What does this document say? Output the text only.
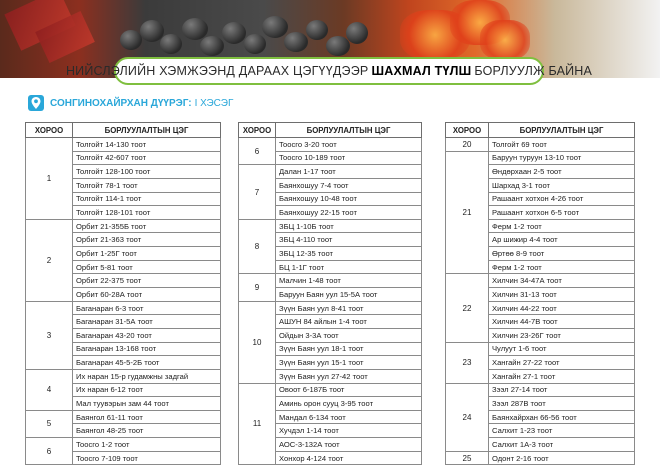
НИЙСЛЭЛИЙН ХЭМЖЭЭНД ДАРААХ ЦЭГҮҮДЭЭР ШАХМАЛ ТҮЛШ БОРЛУУЛЖ БАЙНА
СОНГИНОХАЙРХАН ДҮҮРЭГ: I ХЭСЭГ
ХОРОО	БОРЛУУЛАЛТЫН ЦЭГ
1	Толгойт 14-130 тоот
	Толгойт 42-607 тоот
	Толгойт 128-100 тоот
	Толгойт 78-1 тоот
	Толгойт 114-1 тоот
	Толгойт 128-101 тоот
2	Орбит 21-355Б тоот
	Орбит 21-363 тоот
	Орбит 1-25Г тоот
	Орбит 5-81 тоот
	Орбит 22-375 тоот
	Орбит 60-28А тоот
3	Баганаран 6-3 тоот
	Баганаран 31-5А тоот
	Баганаран 43-20 тоот
	Баганаран 13-168 тоот
	Баганаран 45-5-2Б тоот
4	Их наран 15-р гудамжны задгай
	Их наран 6-12 тоот
	Мал туувэрын зам 44 тоот
5	Баянгол 61-11 тоот
	Баянгол 48-25 тоот
6	Тоосго 1-2 тоот
	Тоосго 7-109 тоот
ХОРОО	БОРЛУУЛАЛТЫН ЦЭГ
6	Тоосго 3-20 тоот
	Тоосго 10-189 тоот
7	Далан 1-17 тоот
	Баянхошуу 7-4 тоот
	Баянхошуу 10-48 тоот
	Баянхошуу 22-15 тоот
8	ЗБЦ 1-10Б тоот
	ЗБЦ 4-110 тоот
	ЗБЦ 12-35 тоот
	БЦ 1-1Г тоот
9	Малчин 1-48 тоот
	Баруун Баян уул 15-5А тоот
10	Зүүн Баян уул 8-41 тоот
	АШУН 84 айлын 1-4 тоот
	Ойдын 3-3А тоот
	Зүүн Баян уул 18-1 тоот
	Зүүн Баян уул 15-1 тоот
	Зүүн Баян уул 27-42 тоот
11	Овоот 6-187Б тоот
	Аминь орон сууц 3-95 тоот
	Мандал 6-134 тоот
	Хучдэл 1-14 тоот
	АОС-3-132А тоот
	Хонхор 4-124 тоот
ХОРОО	БОРЛУУЛАЛТЫН ЦЭГ
20	Толгойт 69 тоот
21	Баруун туруун 13-10 тоот
	Өндөрхаан 2-5 тоот
	Шархад 3-1 тоот
	Рашаант хотхон 4-26 тоот
	Рашаант хотхон 6-5 тоот
	Ферм 1-2 тоот
	Ар шижир 4-4 тоот
	Өртөө 8-9 тоот
	Ферм 1-2 тоот
22	Хилчин 34-47А тоот
	Хилчин 31-13 тоот
	Хилчин 44-22 тоот
	Хилчин 44-7В тоот
	Хилчин 23-26Г тоот
23	Чулуут 1-6 тоот
	Хангайн 27-22 тоот
	Хангайн 27-1 тоот
24	Зээл 27-14 тоот
	Зээл 287В тоот
	Баянхайрхан 66-56 тоот
	Салхит 1-23 тоот
	Салхит 1А-3 тоот
25	Одонт 2-16 тоот
